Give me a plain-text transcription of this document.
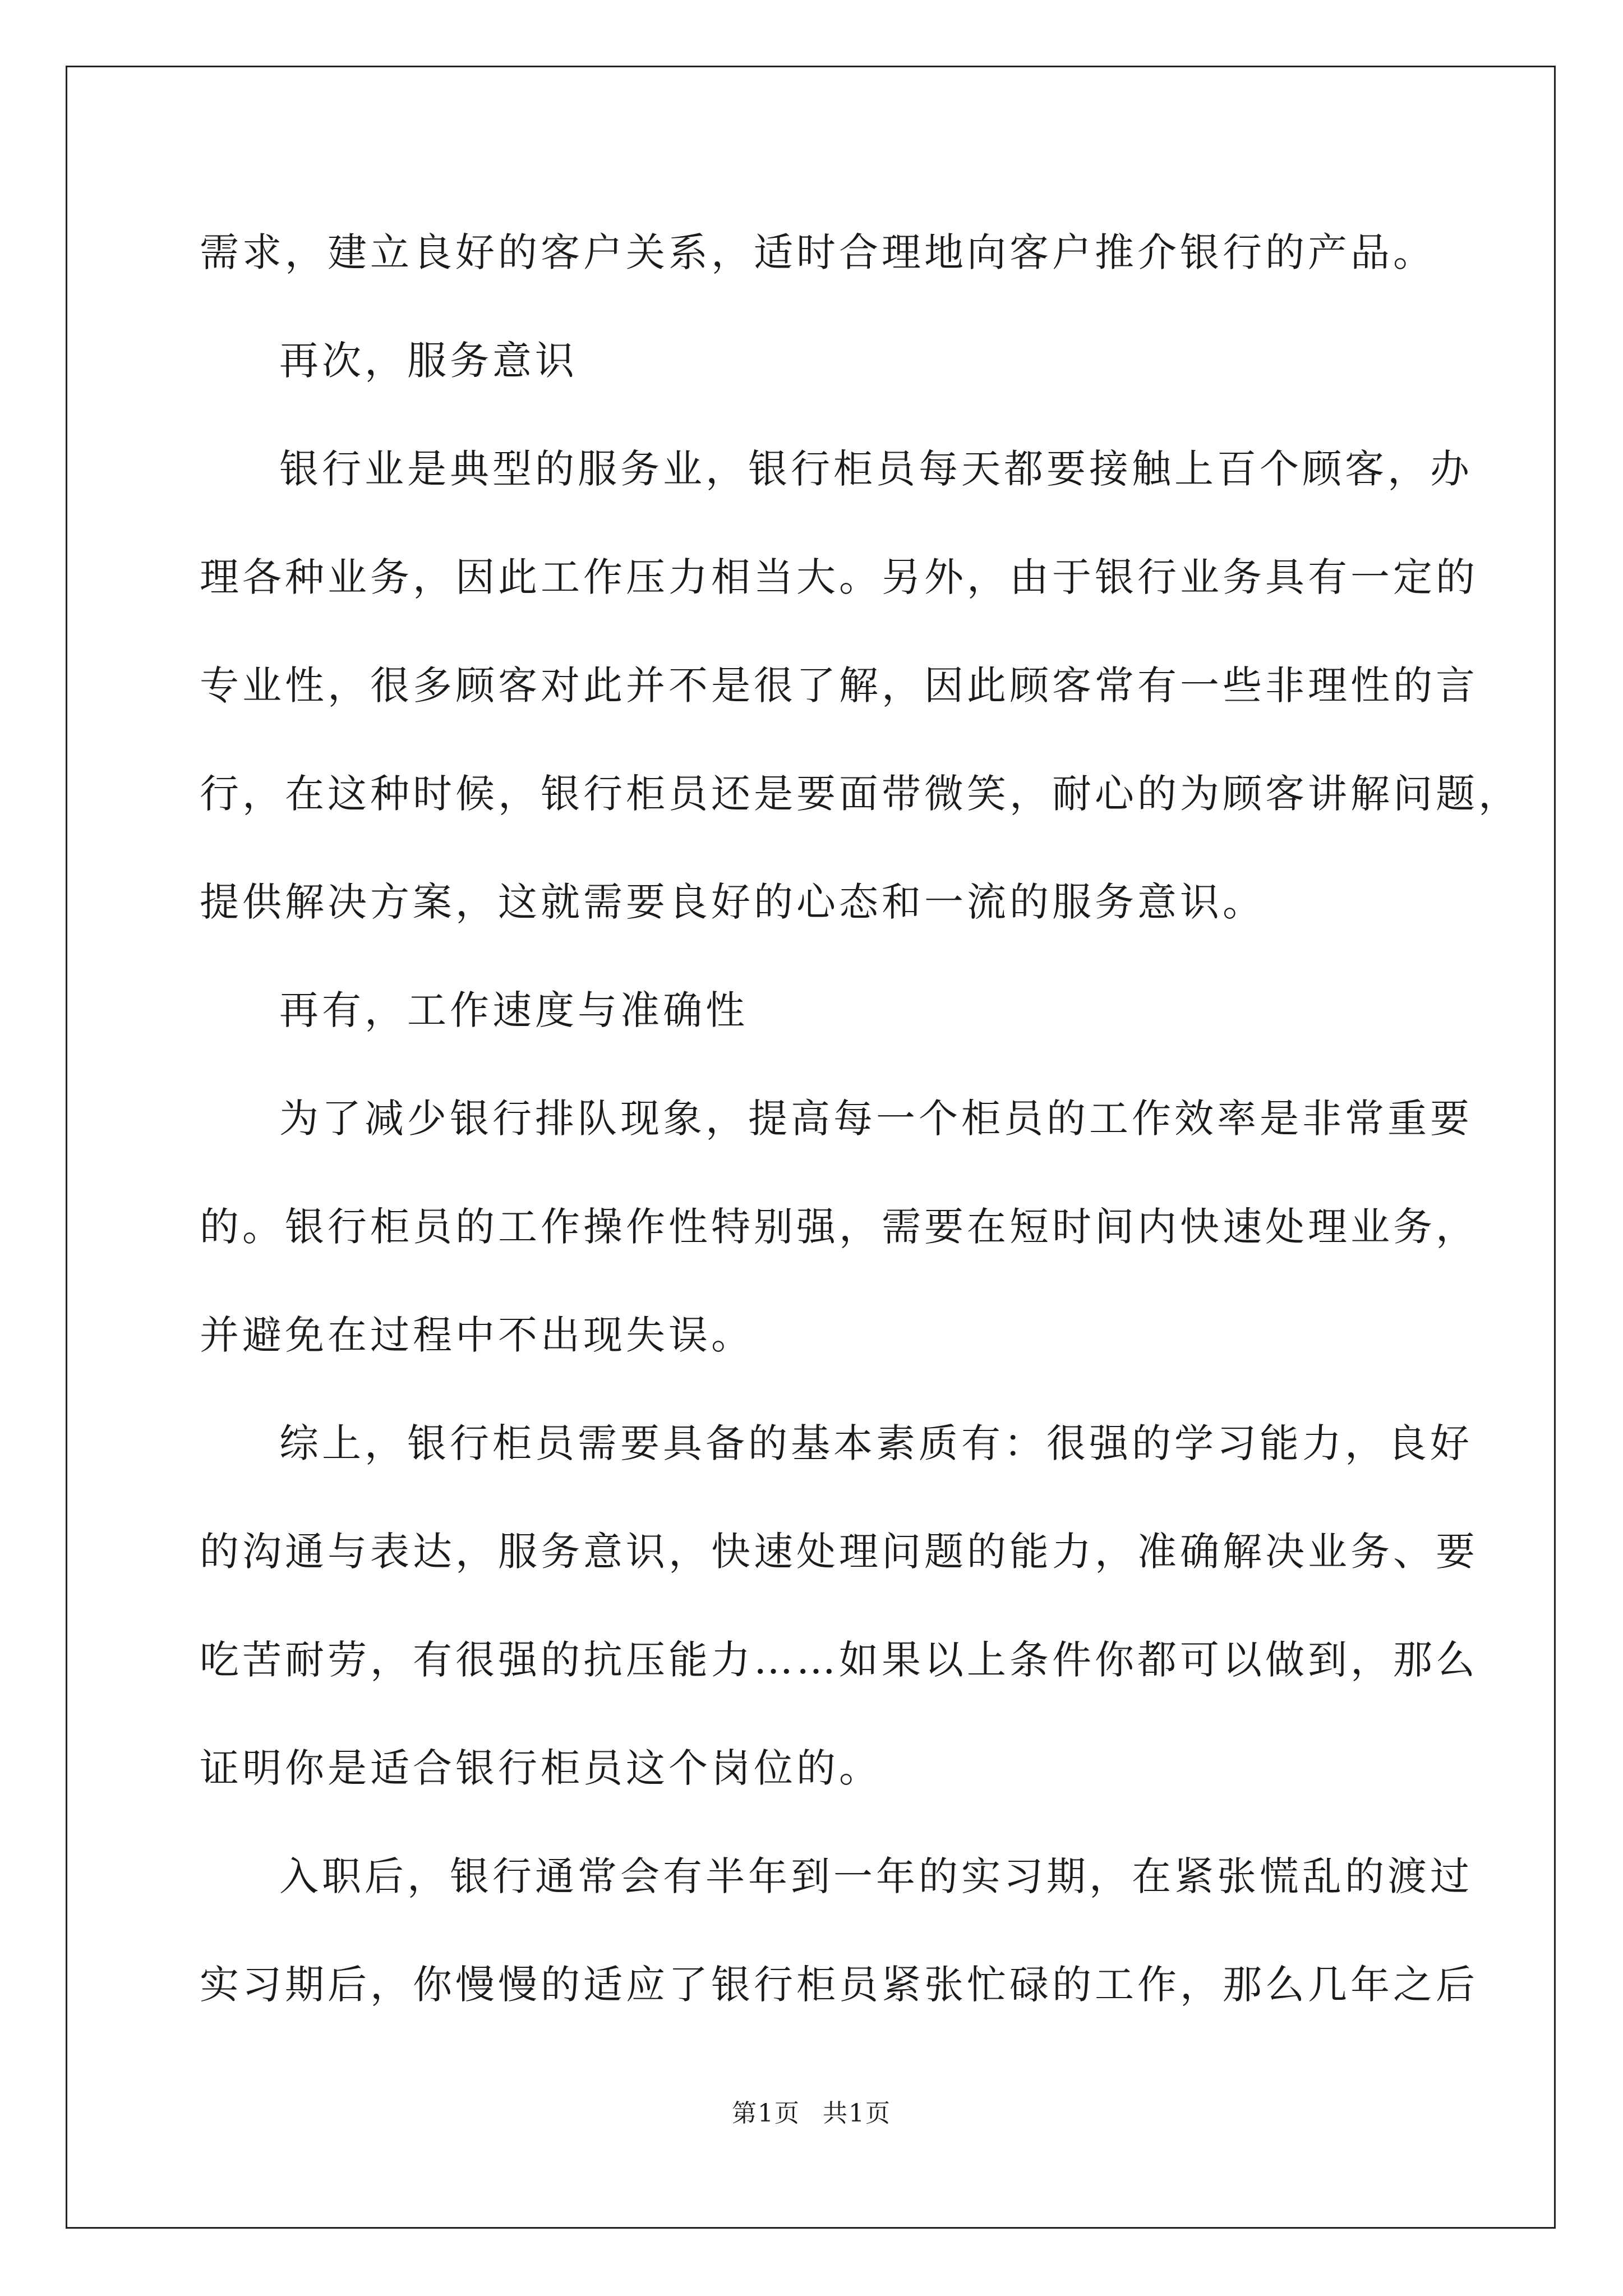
需求，建立良好的客户关系，适时合理地向客户推介银行的产品。
再次，服务意识
银行业是典型的服务业，银行柜员每天都要接触上百个顾客，办
理各种业务，因此工作压力相当大。另外，由于银行业务具有一定的
专业性，很多顾客对此并不是很了解，因此顾客常有一些非理性的言
行，在这种时候，银行柜员还是要面带微笑，耐心的为顾客讲解问题，
提供解决方案，这就需要良好的心态和一流的服务意识。
再有，工作速度与准确性
为了减少银行排队现象，提高每一个柜员的工作效率是非常重要
的。银行柜员的工作操作性特别强，需要在短时间内快速处理业务，
并避免在过程中不出现失误。
综上，银行柜员需要具备的基本素质有：很强的学习能力，良好
的沟通与表达，服务意识，快速处理问题的能力，准确解决业务、要
吃苦耐劳，有很强的抗压能力……如果以上条件你都可以做到，那么
证明你是适合银行柜员这个岗位的。
入职后，银行通常会有半年到一年的实习期，在紧张慌乱的渡过
实习期后，你慢慢的适应了银行柜员紧张忙碌的工作，那么几年之后
第1页 共1页
